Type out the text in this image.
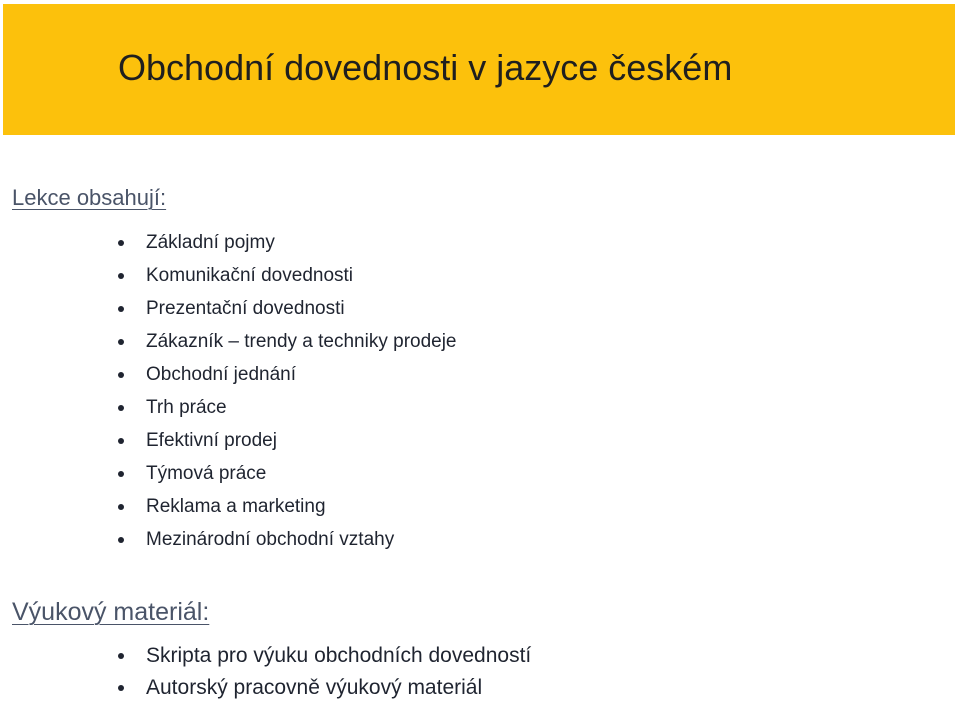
Obchodní dovednosti v jazyce českém
Lekce obsahují:
Základní pojmy
Komunikační dovednosti
Prezentační dovednosti
Zákazník – trendy a techniky prodeje
Obchodní jednání
Trh práce
Efektivní prodej
Týmová práce
Reklama a marketing
Mezinárodní obchodní vztahy
Výukový materiál:
Skripta pro výuku obchodních dovedností
Autorský pracovně výukový materiál
